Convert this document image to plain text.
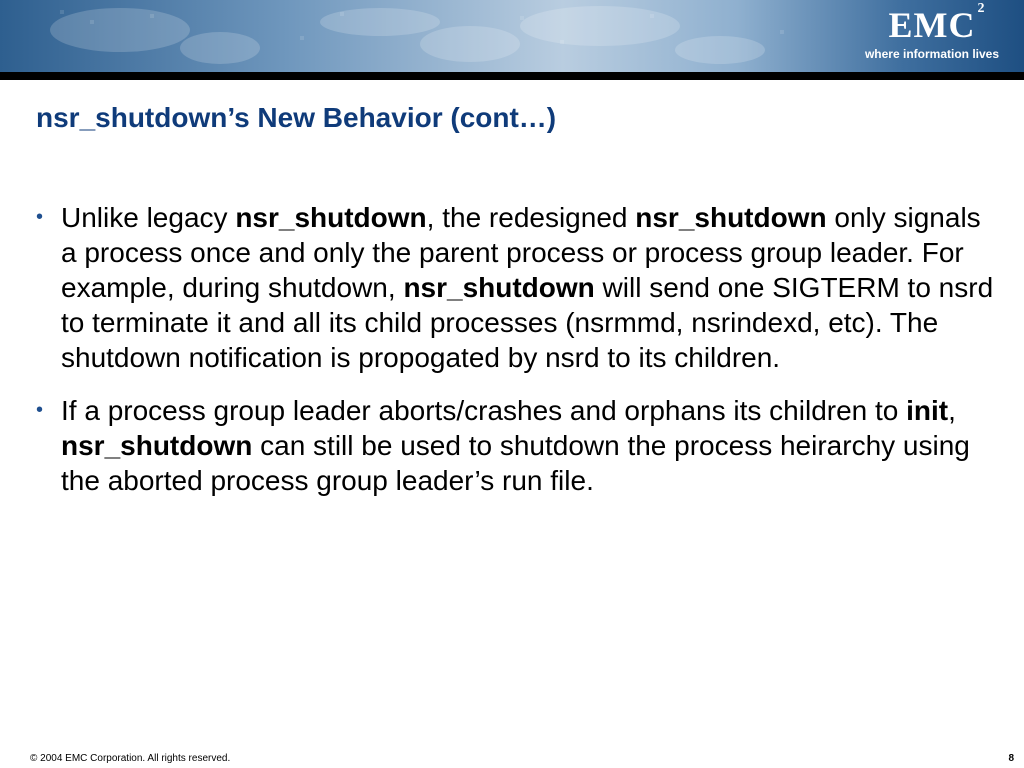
EMC 2
where information lives
nsr_shutdown’s New Behavior (cont…)
• Unlike legacy nsr_shutdown, the redesigned nsr_shutdown only signals a process once and only the parent process or process group leader. For example, during shutdown, nsr_shutdown will send one SIGTERM to nsrd to terminate it and all its child processes (nsrmmd, nsrindexd, etc). The shutdown notification is propogated by nsrd to its children.
• If a process group leader aborts/crashes and orphans its children to init, nsr_shutdown can still be used to shutdown the process heirarchy using the aborted process group leader’s run file.
© 2004 EMC Corporation. All rights reserved.	8
